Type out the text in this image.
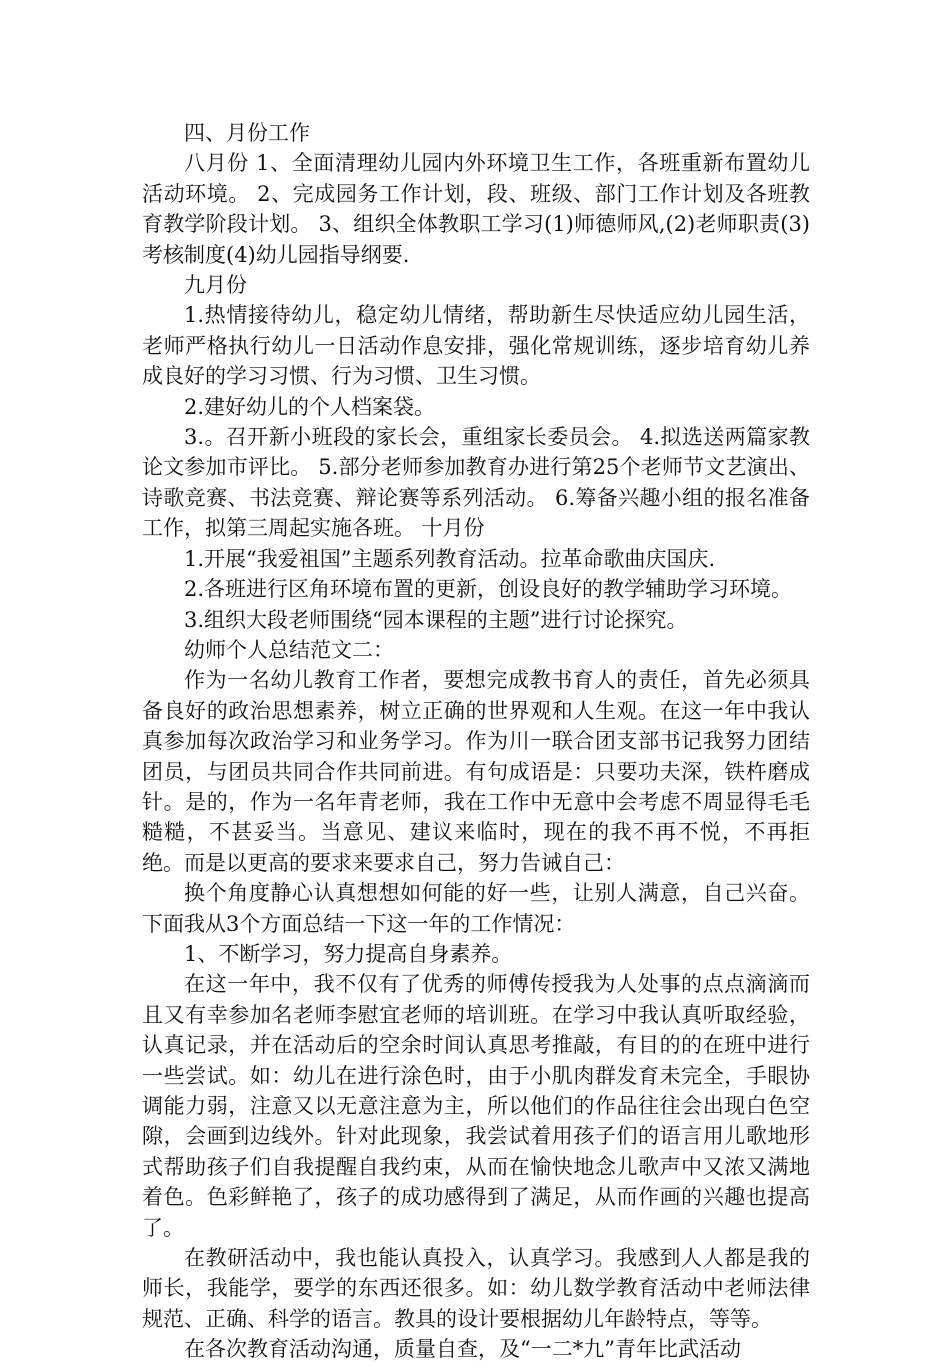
四、月份工作

八月份 1、全面清理幼儿园内外环境卫生工作，各班重新布置幼儿活动环境。 2、完成园务工作计划，段、班级、部门工作计划及各班教育教学阶段计划。 3、组织全体教职工学习(1)师德师风,(2)老师职责(3)考核制度(4)幼儿园指导纲要.

九月份

1.热情接待幼儿，稳定幼儿情绪，帮助新生尽快适应幼儿园生活，老师严格执行幼儿一日活动作息安排，强化常规训练，逐步培育幼儿养成良好的学习习惯、行为习惯、卫生习惯。

2.建好幼儿的个人档案袋。

3.。召开新小班段的家长会，重组家长委员会。 4.拟选送两篇家教论文参加市评比。 5.部分老师参加教育办进行第25个老师节文艺演出、诗歌竞赛、书法竞赛、辩论赛等系列活动。 6.筹备兴趣小组的报名准备工作，拟第三周起实施各班。 十月份

1.开展“我爱祖国”主题系列教育活动。拉革命歌曲庆国庆.

2.各班进行区角环境布置的更新，创设良好的教学辅助学习环境。

3.组织大段老师围绕“园本课程的主题”进行讨论探究。

幼师个人总结范文二：

作为一名幼儿教育工作者，要想完成教书育人的责任，首先必须具备良好的政治思想素养，树立正确的世界观和人生观。在这一年中我认真参加每次政治学习和业务学习。作为川一联合团支部书记我努力团结团员，与团员共同合作共同前进。有句成语是：只要功夫深，铁杵磨成针。是的，作为一名年青老师，我在工作中无意中会考虑不周显得毛毛糙糙，不甚妥当。当意见、建议来临时，现在的我不再不悦，不再拒绝。而是以更高的要求来要求自己，努力告诫自己：

换个角度静心认真想想如何能的好一些，让别人满意，自己兴奋。 下面我从3个方面总结一下这一年的工作情况：

1、不断学习，努力提高自身素养。

在这一年中，我不仅有了优秀的师傅传授我为人处事的点点滴滴而且又有幸参加名老师李慰宜老师的培训班。在学习中我认真听取经验，认真记录，并在活动后的空余时间认真思考推敲，有目的的在班中进行一些尝试。如：幼儿在进行涂色时，由于小肌肉群发育未完全，手眼协调能力弱，注意又以无意注意为主，所以他们的作品往往会出现白色空隙，会画到边线外。针对此现象，我尝试着用孩子们的语言用儿歌地形式帮助孩子们自我提醒自我约束，从而在愉快地念儿歌声中又浓又满地着色。色彩鲜艳了，孩子的成功感得到了满足，从而作画的兴趣也提高了。

在教研活动中，我也能认真投入，认真学习。我感到人人都是我的师长，我能学，要学的东西还很多。如：幼儿数学教育活动中老师法律规范、正确、科学的语言。教具的设计要根据幼儿年龄特点，等等。

在各次教育活动沟通，质量自查，及“一二*九”青年比武活动
